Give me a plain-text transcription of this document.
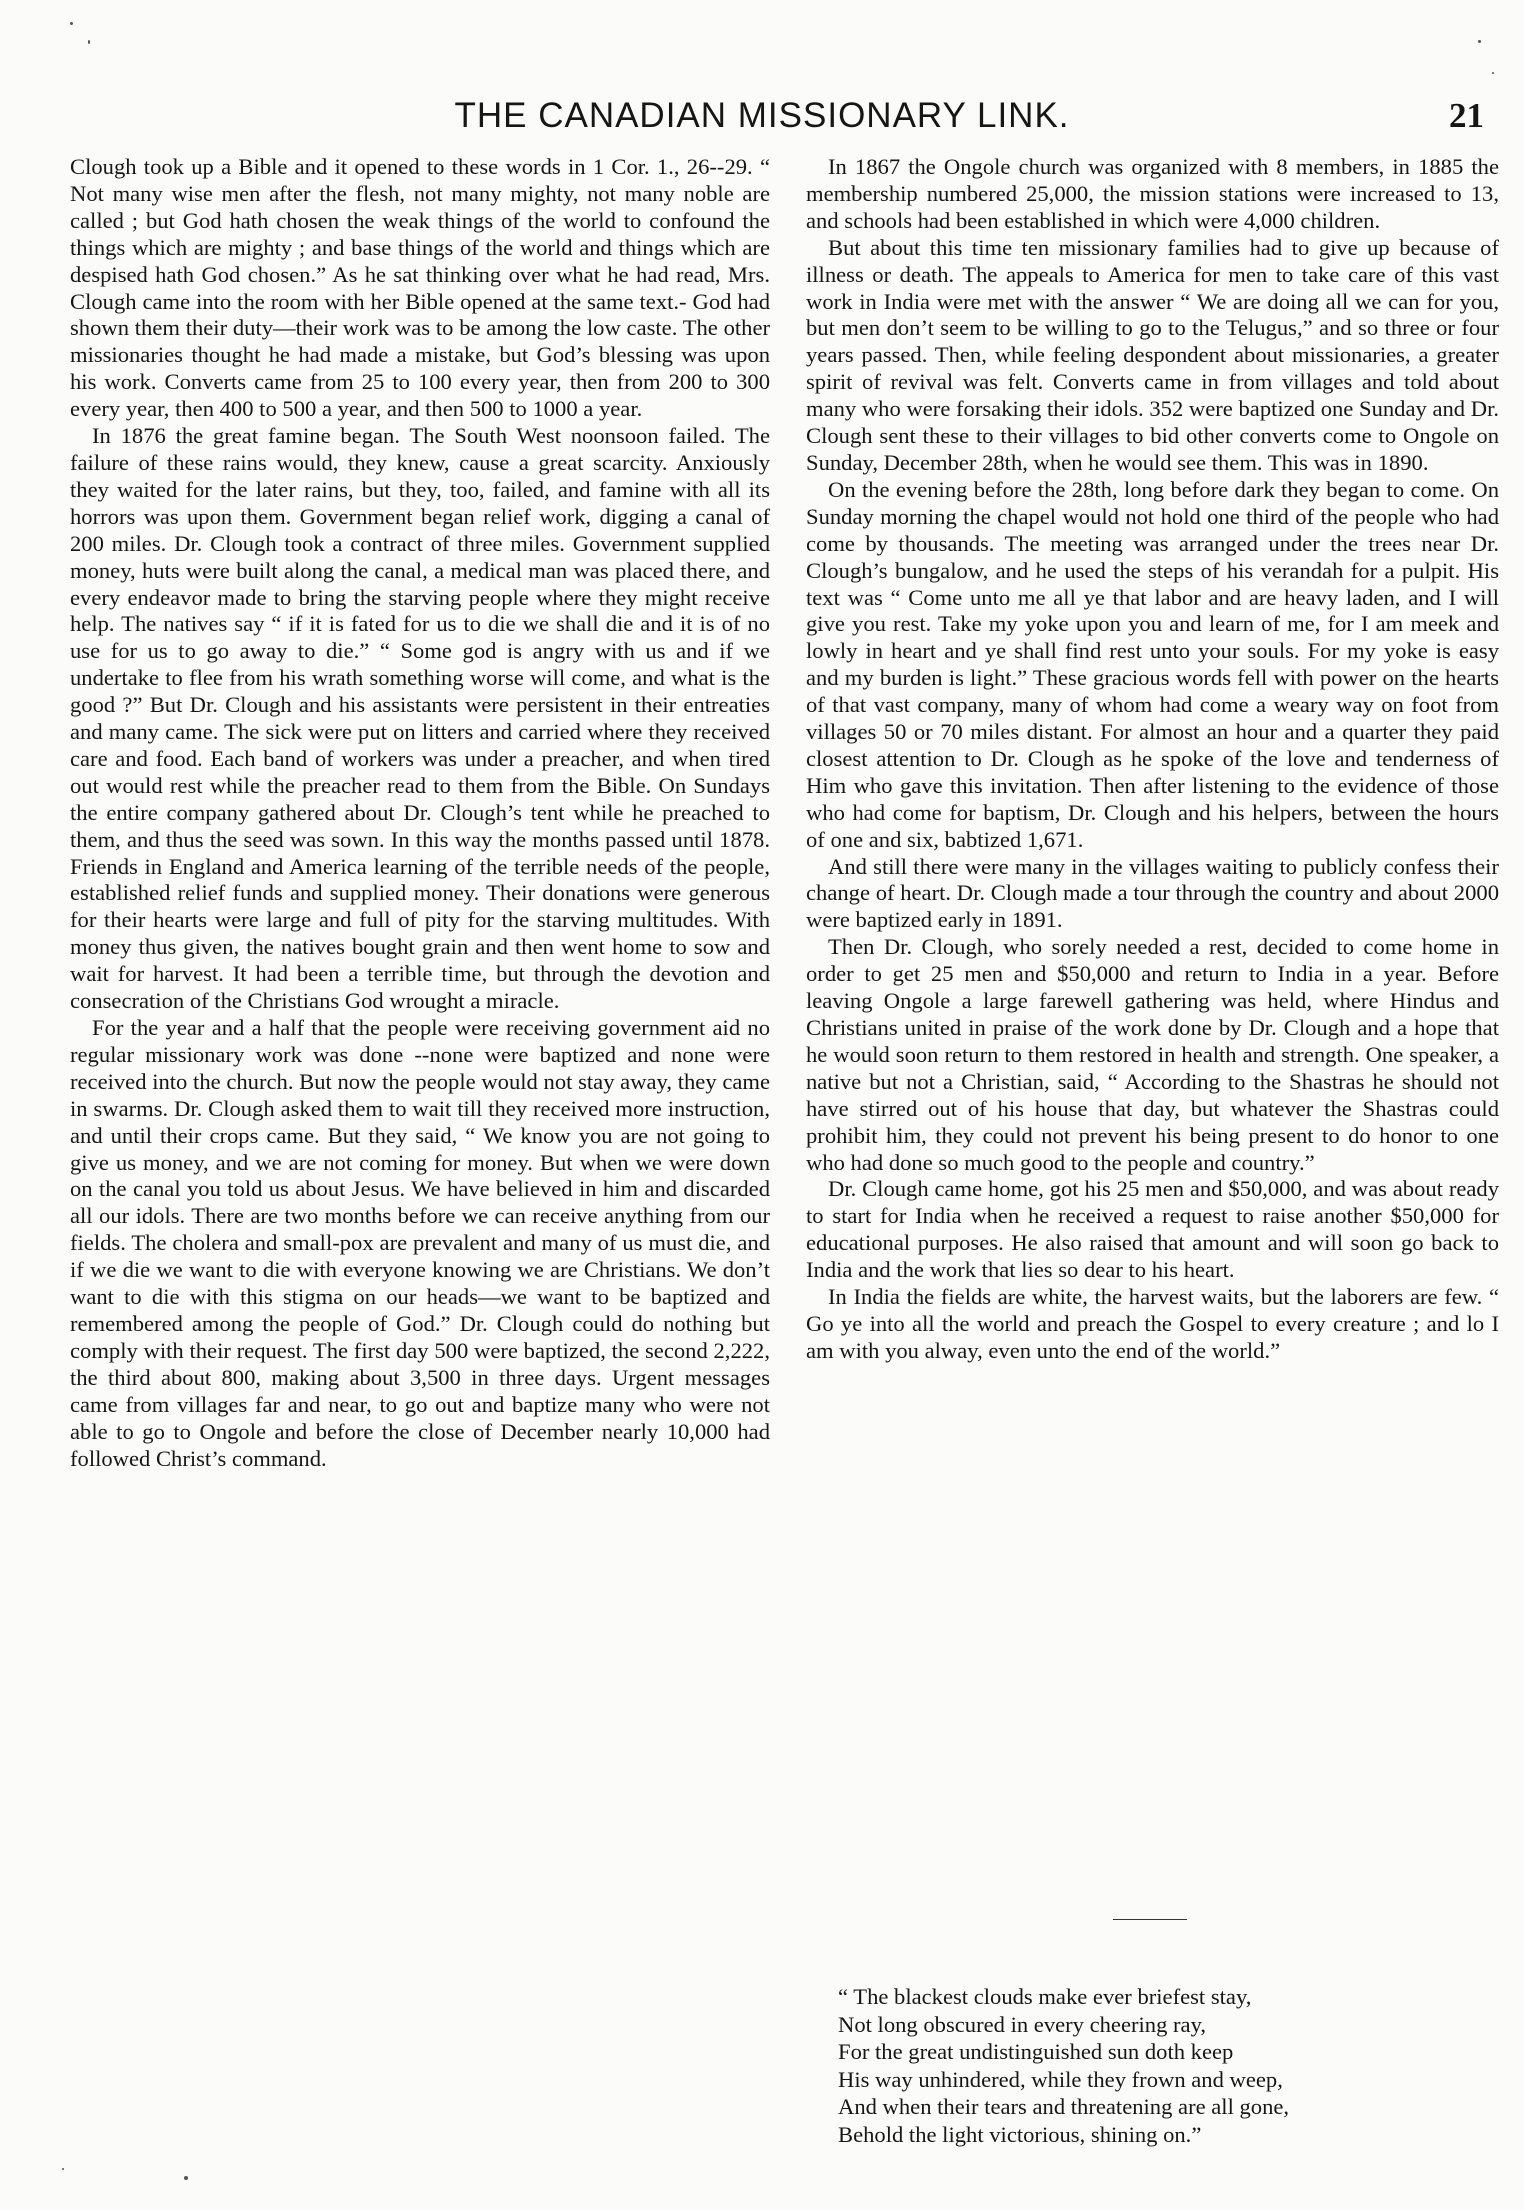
THE CANADIAN MISSIONARY LINK.	21

Clough took up a Bible and it opened to these words in 1 Cor. 1., 26--29. “ Not many wise men after the flesh, not many mighty, not many noble are called ; but God hath chosen the weak things of the world to confound the things which are mighty ; and base things of the world and things which are despised hath God chosen.” As he sat thinking over what he had read, Mrs. Clough came into the room with her Bible opened at the same text.- God had shown them their duty—their work was to be among the low caste. The other missionaries thought he had made a mistake, but God’s blessing was upon his work. Converts came from 25 to 100 every year, then from 200 to 300 every year, then 400 to 500 a year, and then 500 to 1000 a year.

In 1876 the great famine began. The South West noonsoon failed. The failure of these rains would, they knew, cause a great scarcity. Anxiously they waited for the later rains, but they, too, failed, and famine with all its horrors was upon them. Government began relief work, digging a canal of 200 miles. Dr. Clough took a contract of three miles. Government supplied money, huts were built along the canal, a medical man was placed there, and every endeavor made to bring the starving people where they might receive help. The natives say “ if it is fated for us to die we shall die and it is of no use for us to go away to die.” “ Some god is angry with us and if we undertake to flee from his wrath something worse will come, and what is the good ?” But Dr. Clough and his assistants were persistent in their entreaties and many came. The sick were put on litters and carried where they received care and food. Each band of workers was under a preacher, and when tired out would rest while the preacher read to them from the Bible. On Sundays the entire company gathered about Dr. Clough’s tent while he preached to them, and thus the seed was sown. In this way the months passed until 1878. Friends in England and America learning of the terrible needs of the people, established relief funds and supplied money. Their donations were generous for their hearts were large and full of pity for the starving multitudes. With money thus given, the natives bought grain and then went home to sow and wait for harvest. It had been a terrible time, but through the devotion and consecration of the Christians God wrought a miracle.

For the year and a half that the people were receiving government aid no regular missionary work was done --none were baptized and none were received into the church. But now the people would not stay away, they came in swarms. Dr. Clough asked them to wait till they received more instruction, and until their crops came. But they said, “ We know you are not going to give us money, and we are not coming for money. But when we were down on the canal you told us about Jesus. We have believed in him and discarded all our idols. There are two months before we can receive anything from our fields. The cholera and small-pox are prevalent and many of us must die, and if we die we want to die with everyone knowing we are Christians. We don’t want to die with this stigma on our heads—we want to be baptized and remembered among the people of God.” Dr. Clough could do nothing but comply with their request. The first day 500 were baptized, the second 2,222, the third about 800, making about 3,500 in three days. Urgent messages came from villages far and near, to go out and baptize many who were not able to go to Ongole and before the close of December nearly 10,000 had followed Christ’s command.

In 1867 the Ongole church was organized with 8 members, in 1885 the membership numbered 25,000, the mission stations were increased to 13, and schools had been established in which were 4,000 children.

But about this time ten missionary families had to give up because of illness or death. The appeals to America for men to take care of this vast work in India were met with the answer “ We are doing all we can for you, but men don’t seem to be willing to go to the Telugus,” and so three or four years passed. Then, while feeling despondent about missionaries, a greater spirit of revival was felt. Converts came in from villages and told about many who were forsaking their idols. 352 were baptized one Sunday and Dr. Clough sent these to their villages to bid other converts come to Ongole on Sunday, December 28th, when he would see them. This was in 1890.

On the evening before the 28th, long before dark they began to come. On Sunday morning the chapel would not hold one third of the people who had come by thousands. The meeting was arranged under the trees near Dr. Clough’s bungalow, and he used the steps of his verandah for a pulpit. His text was “ Come unto me all ye that labor and are heavy laden, and I will give you rest. Take my yoke upon you and learn of me, for I am meek and lowly in heart and ye shall find rest unto your souls. For my yoke is easy and my burden is light.” These gracious words fell with power on the hearts of that vast company, many of whom had come a weary way on foot from villages 50 or 70 miles distant. For almost an hour and a quarter they paid closest attention to Dr. Clough as he spoke of the love and tenderness of Him who gave this invitation. Then after listening to the evidence of those who had come for baptism, Dr. Clough and his helpers, between the hours of one and six, babtized 1,671.

And still there were many in the villages waiting to publicly confess their change of heart. Dr. Clough made a tour through the country and about 2000 were baptized early in 1891.

Then Dr. Clough, who sorely needed a rest, decided to come home in order to get 25 men and $50,000 and return to India in a year. Before leaving Ongole a large farewell gathering was held, where Hindus and Christians united in praise of the work done by Dr. Clough and a hope that he would soon return to them restored in health and strength. One speaker, a native but not a Christian, said, “ According to the Shastras he should not have stirred out of his house that day, but whatever the Shastras could prohibit him, they could not prevent his being present to do honor to one who had done so much good to the people and country.”

Dr. Clough came home, got his 25 men and $50,000, and was about ready to start for India when he received a request to raise another $50,000 for educational purposes. He also raised that amount and will soon go back to India and the work that lies so dear to his heart.

In India the fields are white, the harvest waits, but the laborers are few. “ Go ye into all the world and preach the Gospel to every creature ; and lo I am with you alway, even unto the end of the world.”

“ The blackest clouds make ever briefest stay,
Not long obscured in every cheering ray,
For the great undistinguished sun doth keep
His way unhindered, while they frown and weep,
And when their tears and threatening are all gone,
Behold the light victorious, shining on.”
